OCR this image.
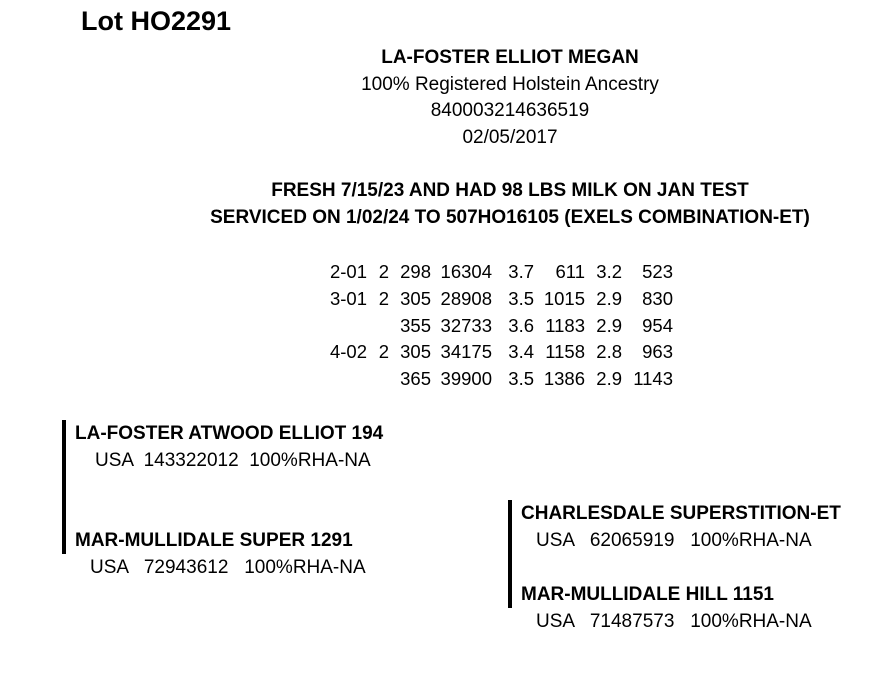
Lot HO2291
LA-FOSTER ELLIOT MEGAN
100% Registered Holstein Ancestry
840003214636519
02/05/2017
FRESH 7/15/23 AND HAD 98 LBS MILK ON JAN TEST
SERVICED ON 1/02/24 TO 507HO16105 (EXELS COMBINATION-ET)
2-01 2 298 16304 3.7	611 3.2	523
3-01 2 305 28908 3.5 1015 2.9	830
355 32733 3.6 1183 2.9	954
4-02 2 305 34175 3.4 1158 2.8	963
365 39900 3.5 1386 2.9 1143
LA-FOSTER ATWOOD ELLIOT 194
USA  143322012  100%RHA-NA
MAR-MULLIDALE SUPER 1291
USA   72943612   100%RHA-NA
CHARLESDALE SUPERSTITION-ET
USA   62065919   100%RHA-NA
MAR-MULLIDALE HILL 1151
USA   71487573   100%RHA-NA
